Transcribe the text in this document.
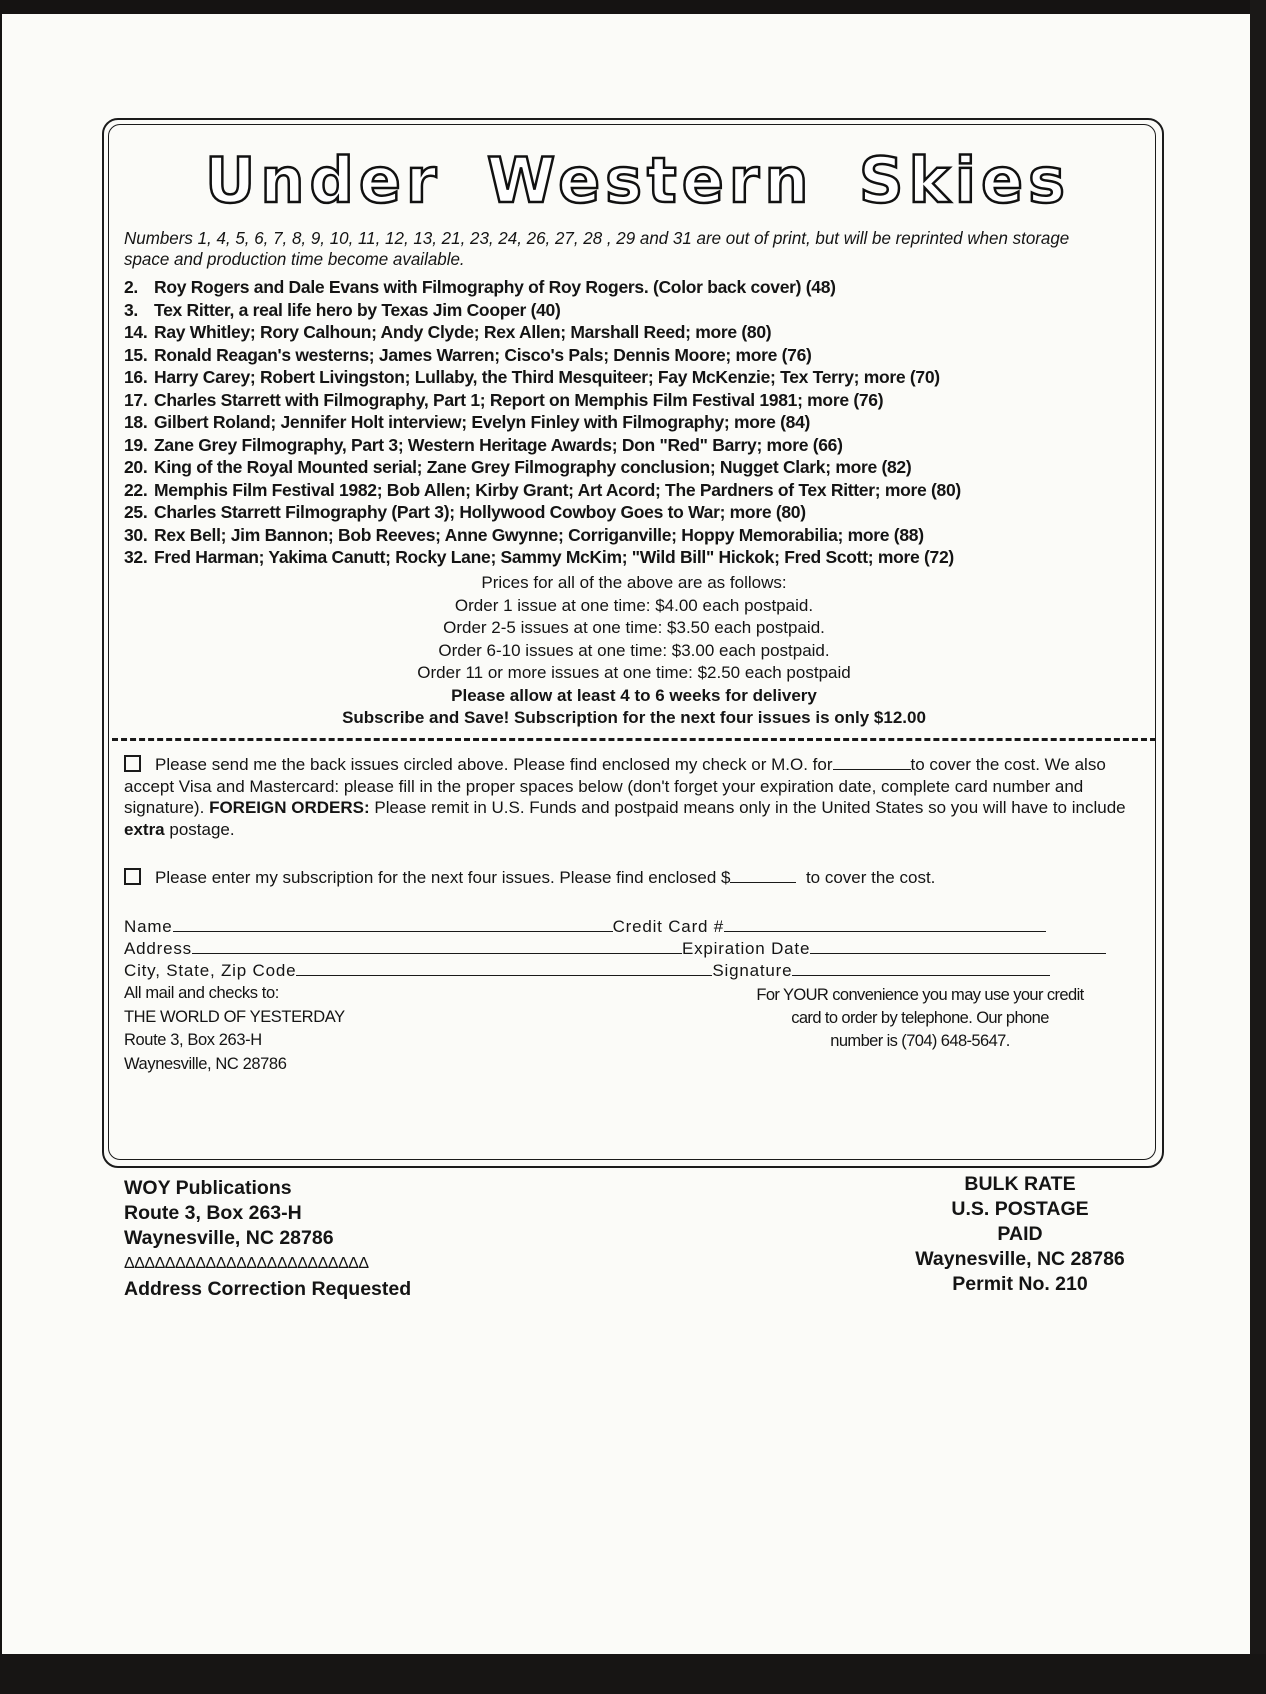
Under Western Skies
Numbers 1, 4, 5, 6, 7, 8, 9, 10, 11, 12, 13, 21, 23, 24, 26, 27, 28 , 29 and 31 are out of print, but will be reprinted when storage space and production time become available.
2. Roy Rogers and Dale Evans with Filmography of Roy Rogers. (Color back cover) (48)
3. Tex Ritter, a real life hero by Texas Jim Cooper (40)
14. Ray Whitley; Rory Calhoun; Andy Clyde; Rex Allen; Marshall Reed; more (80)
15. Ronald Reagan's westerns; James Warren; Cisco's Pals; Dennis Moore; more (76)
16. Harry Carey; Robert Livingston; Lullaby, the Third Mesquiteer; Fay McKenzie; Tex Terry; more (70)
17. Charles Starrett with Filmography, Part 1; Report on Memphis Film Festival 1981; more (76)
18. Gilbert Roland; Jennifer Holt interview; Evelyn Finley with Filmography; more (84)
19. Zane Grey Filmography, Part 3; Western Heritage Awards; Don "Red" Barry; more (66)
20. King of the Royal Mounted serial; Zane Grey Filmography conclusion; Nugget Clark; more (82)
22. Memphis Film Festival 1982; Bob Allen; Kirby Grant; Art Acord; The Pardners of Tex Ritter; more (80)
25. Charles Starrett Filmography (Part 3); Hollywood Cowboy Goes to War; more (80)
30. Rex Bell; Jim Bannon; Bob Reeves; Anne Gwynne; Corriganville; Hoppy Memorabilia; more (88)
32. Fred Harman; Yakima Canutt; Rocky Lane; Sammy McKim; "Wild Bill" Hickok; Fred Scott; more (72)
Prices for all of the above are as follows:
Order 1 issue at one time: $4.00 each postpaid.
Order 2-5 issues at one time: $3.50 each postpaid.
Order 6-10 issues at one time: $3.00 each postpaid.
Order 11 or more issues at one time: $2.50 each postpaid
Please allow at least 4 to 6 weeks for delivery
Subscribe and Save! Subscription for the next four issues is only $12.00
Please send me the back issues circled above. Please find enclosed my check or M.O. for	to cover the cost. We also accept Visa and Mastercard: please fill in the proper spaces below (don't forget your expiration date, complete card number and signature). FOREIGN ORDERS: Please remit in U.S. Funds and postpaid means only in the United States so you will have to include extra postage.
Please enter my subscription for the next four issues. Please find enclosed $	to cover the cost.
Name	Credit Card #
Address	Expiration Date
City, State, Zip Code	Signature
All mail and checks to:
THE WORLD OF YESTERDAY
Route 3, Box 263-H
Waynesville, NC 28786
For YOUR convenience you may use your credit
card to order by telephone. Our phone
number is (704) 648-5647.
WOY Publications
Route 3, Box 263-H
Waynesville, NC 28786
ΔΔΔΔΔΔΔΔΔΔΔΔΔΔΔΔΔΔΔΔΔΔΔΔ
Address Correction Requested
BULK RATE
U.S. POSTAGE
PAID
Waynesville, NC 28786
Permit No. 210
